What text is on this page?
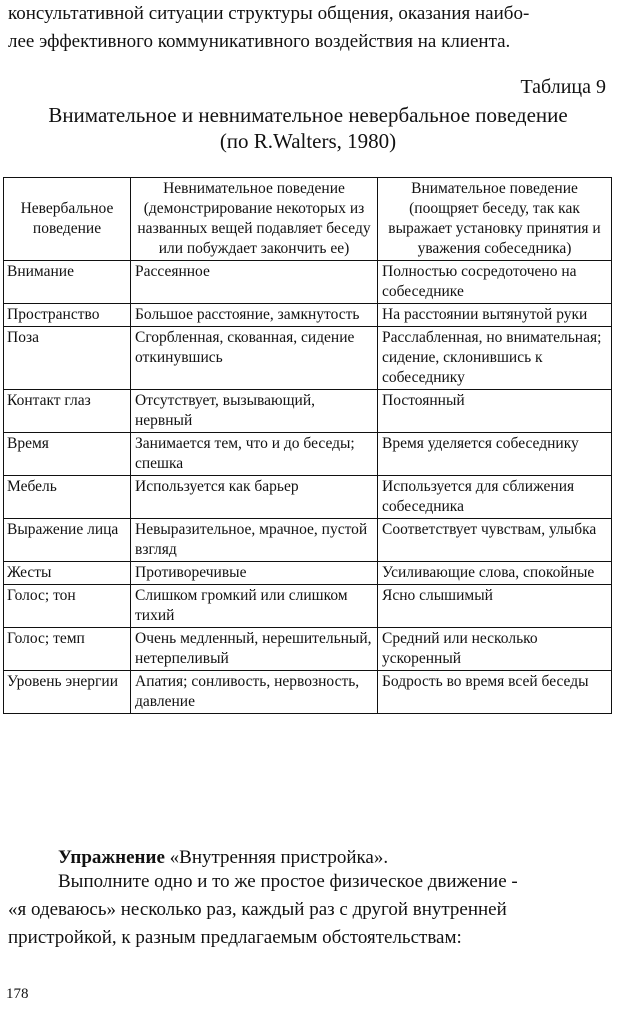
консультативной ситуации структуры общения, оказания наибо-
лее эффективного коммуникативного воздействия на клиента.
Таблица 9
Внимательное и невнимательное невербальное поведение
(по R.Walters, 1980)
Невербальное поведение	Невнимательное поведение (демонстрирование некоторых из названных вещей подавляет беседу или побуждает закончить ее)	Внимательное поведение (поощряет беседу, так как выражает установку принятия и уважения собеседника)
Внимание	Рассеянное	Полностью сосредоточено на собеседнике
Пространство	Большое расстояние, замкнутость	На расстоянии вытянутой руки
Поза	Сгорбленная, скованная, сидение откинувшись	Расслабленная, но внимательная; сидение, склонившись к собеседнику
Контакт глаз	Отсутствует, вызывающий, нервный	Постоянный
Время	Занимается тем, что и до беседы; спешка	Время уделяется собеседнику
Мебель	Используется как барьер	Используется для сближения собеседника
Выражение лица	Невыразительное, мрачное, пустой взгляд	Соответствует чувствам, улыбка
Жесты	Противоречивые	Усиливающие слова, спокойные
Голос; тон	Слишком громкий или слишком тихий	Ясно слышимый
Голос; темп	Очень медленный, нерешительный, нетерпеливый	Средний или несколько ускоренный
Уровень энергии	Апатия; сонливость, нервозность, давление	Бодрость во время всей беседы
Упражнение «Внутренняя пристройка».
Выполните одно и то же простое физическое движение -
«я одеваюсь» несколько раз, каждый раз с другой внутренней
пристройкой, к разным предлагаемым обстоятельствам:
178
